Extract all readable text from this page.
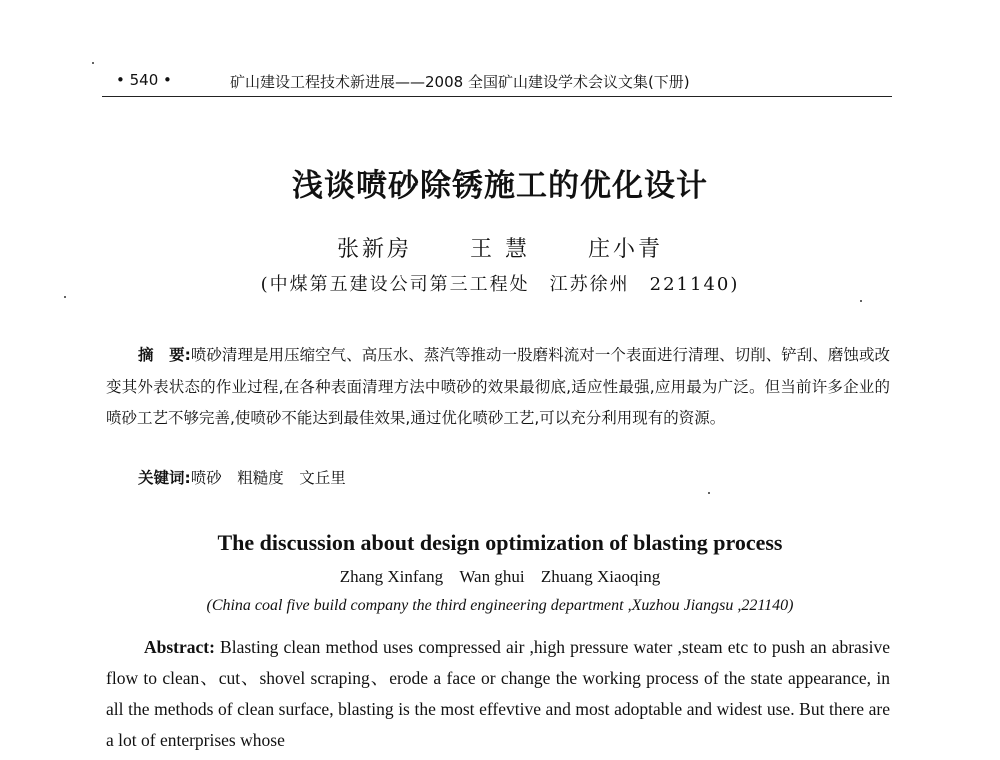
• 540 •	矿山建设工程技术新进展——2008 全国矿山建设学术会议文集(下册)
浅谈喷砂除锈施工的优化设计
张新房	王 慧	庄小青
(中煤第五建设公司第三工程处　江苏徐州　221140)
摘　要:喷砂清理是用压缩空气、高压水、蒸汽等推动一股磨料流对一个表面进行清理、切削、铲刮、磨蚀或改变其外表状态的作业过程,在各种表面清理方法中喷砂的效果最彻底,适应性最强,应用最为广泛。但当前许多企业的喷砂工艺不够完善,使喷砂不能达到最佳效果,通过优化喷砂工艺,可以充分利用现有的资源。
关键词:喷砂　粗糙度　文丘里
The discussion about design optimization of blasting process
Zhang Xinfang Wan ghui Zhuang Xiaoqing
(China coal five build company the third engineering department ,Xuzhou Jiangsu ,221140)
Abstract: Blasting clean method uses compressed air ,high pressure water ,steam etc to push an abrasive flow to clean、cut、shovel scraping、erode a face or change the working process of the state appearance, in all the methods of clean surface, blasting is the most effevtive and most adoptable and widest use. But there are a lot of enterprises whose
